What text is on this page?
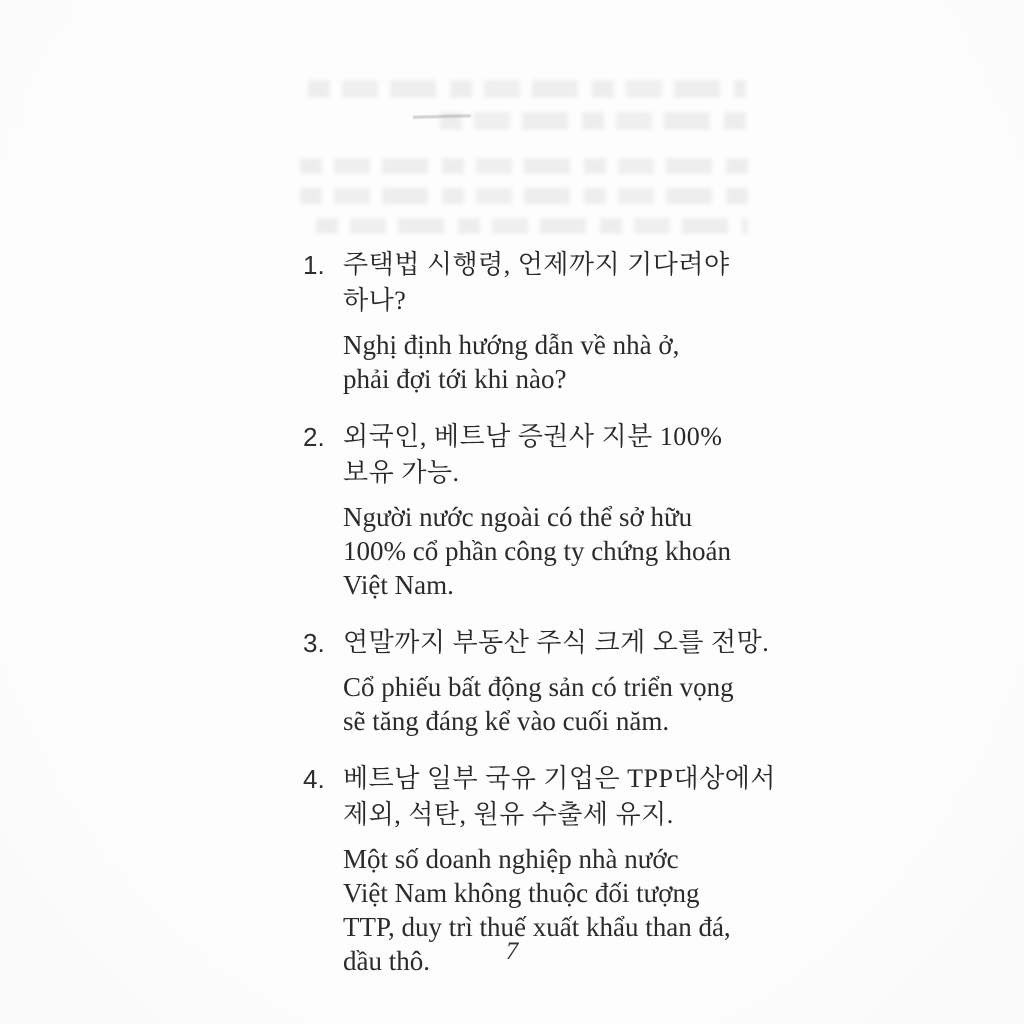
1. 주택법 시행령, 언제까지 기다려야
하나?
Nghị định hướng dẫn về nhà ở,
phải đợi tới khi nào?
2. 외국인, 베트남 증권사 지분 100%
보유 가능.
Người nước ngoài có thể sở hữu
100% cổ phần công ty chứng khoán
Việt Nam.
3. 연말까지 부동산 주식 크게 오를 전망.
Cổ phiếu bất động sản có triển vọng
sẽ tăng đáng kể vào cuối năm.
4. 베트남 일부 국유 기업은 TPP대상에서
제외, 석탄, 원유 수출세 유지.
Một số doanh nghiệp nhà nước
Việt Nam không thuộc đối tượng
TTP, duy trì thuế xuất khẩu than đá,
dầu thô.	7
